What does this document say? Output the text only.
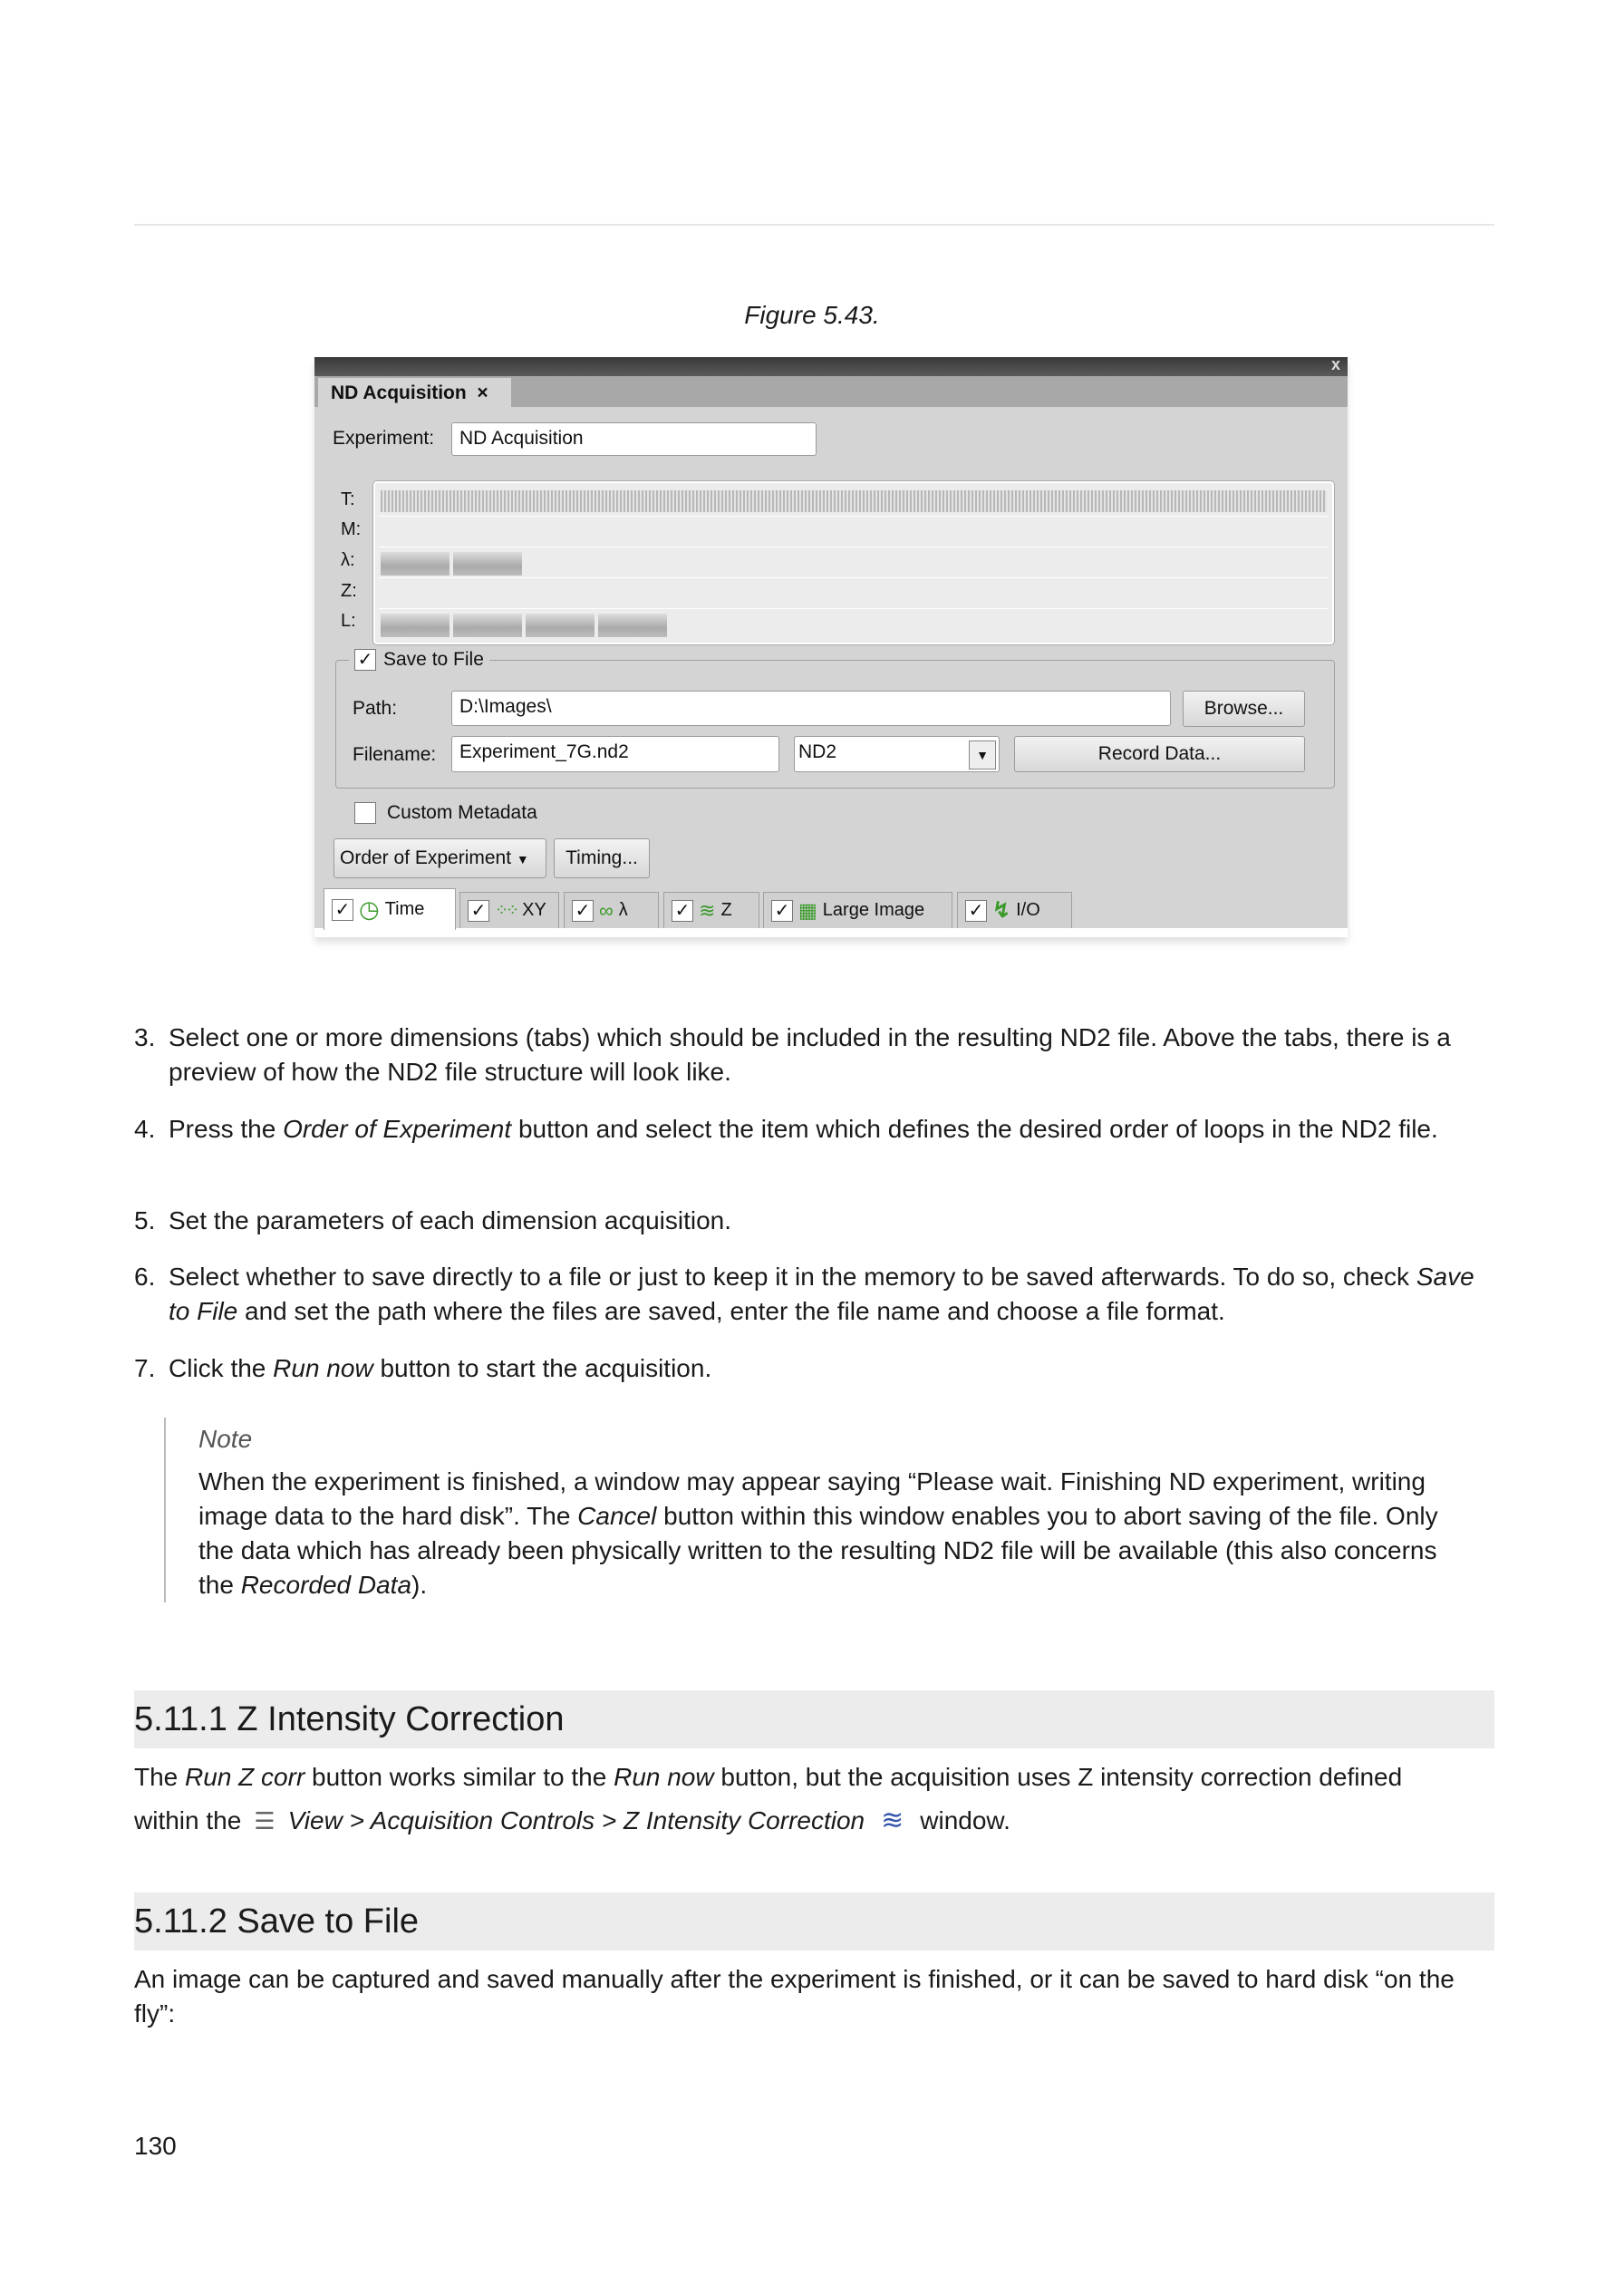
Figure 5.43.
x
ND Acquisition ×
Experiment:	ND Acquisition
T:
M:
λ:
Z:
L:
✓ Save to File
Path:	D:\Images\	Browse...
Filename:	Experiment_7G.nd2	ND2	▼	Record Data...
Custom Metadata
Order of Experiment ▼	Timing...
✓ ◷ Time	✓ ⁘⁘ XY ✓ ∞ λ	✓ ≋ Z ✓ ▦ Large Image ✓ ↯ I/O
3. Select one or more dimensions (tabs) which should be included in the resulting ND2 file. Above the tabs, there is a preview of how the ND2 file structure will look like.
4. Press the Order of Experiment button and select the item which defines the desired order of loops in the ND2 file.
5. Set the parameters of each dimension acquisition.
6. Select whether to save directly to a file or just to keep it in the memory to be saved afterwards. To do so, check Save to File and set the path where the files are saved, enter the file name and choose a file format.
7. Click the Run now button to start the acquisition.
Note
When the experiment is finished, a window may appear saying “Please wait. Finishing ND experiment, writing image data to the hard disk”. The Cancel button within this window enables you to abort saving of the file. Only the data which has already been physically written to the resulting ND2 file will be available (this also concerns the Recorded Data).
5.11.1 Z Intensity Correction
The Run Z corr button works similar to the Run now button, but the acquisition uses Z intensity correction defined
within the ☰ View > Acquisition Controls > Z Intensity Correction ≋ window.
5.11.2 Save to File
An image can be captured and saved manually after the experiment is finished, or it can be saved to hard disk “on the fly”:
130
